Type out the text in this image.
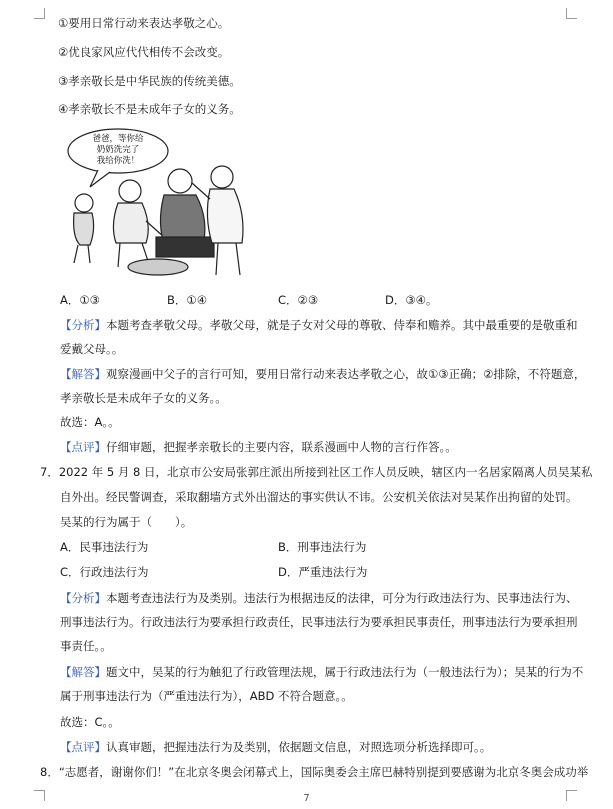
①要用日常行动来表达孝敬之心。
②优良家风应代代相传不会改变。
③孝亲敬长是中华民族的传统美德。
④孝亲敬长不是未成年子女的义务。
爸爸，等你给
奶奶洗完了
我给你洗！
A．①③	B．①④	C．②③	D．③④。
【分析】本题考查孝敬父母。孝敬父母，就是子女对父母的尊敬、侍奉和赡养。其中最重要的是敬重和
爱戴父母。。
【解答】观察漫画中父子的言行可知，要用日常行动来表达孝敬之心，故①③正确；②排除，不符题意，
孝亲敬长是未成年子女的义务。。
故选：A。。
【点评】仔细审题，把握孝亲敬长的主要内容，联系漫画中人物的言行作答。。
7．2022 年 5 月 8 日，北京市公安局张郭庄派出所接到社区工作人员反映，辖区内一名居家隔离人员吴某私
自外出。经民警调查，采取翻墙方式外出溜达的事实供认不讳。公安机关依法对吴某作出拘留的处罚。
吴某的行为属于（　　）。
A．民事违法行为	B．刑事违法行为
C．行政违法行为	D．严重违法行为
【分析】本题考查违法行为及类别。违法行为根据违反的法律，可分为行政违法行为、民事违法行为、
刑事违法行为。行政违法行为要承担行政责任，民事违法行为要承担民事责任，刑事违法行为要承担刑
事责任。。
【解答】题文中，吴某的行为触犯了行政管理法规，属于行政违法行为（一般违法行为）；吴某的行为不
属于刑事违法行为（严重违法行为），ABD 不符合题意。。
故选：C。。
【点评】认真审题，把握违法行为及类别，依据题文信息，对照选项分析选择即可。。
8．“志愿者，谢谢你们！”在北京冬奥会闭幕式上，国际奥委会主席巴赫特别提到要感谢为北京冬奥会成功举
7
